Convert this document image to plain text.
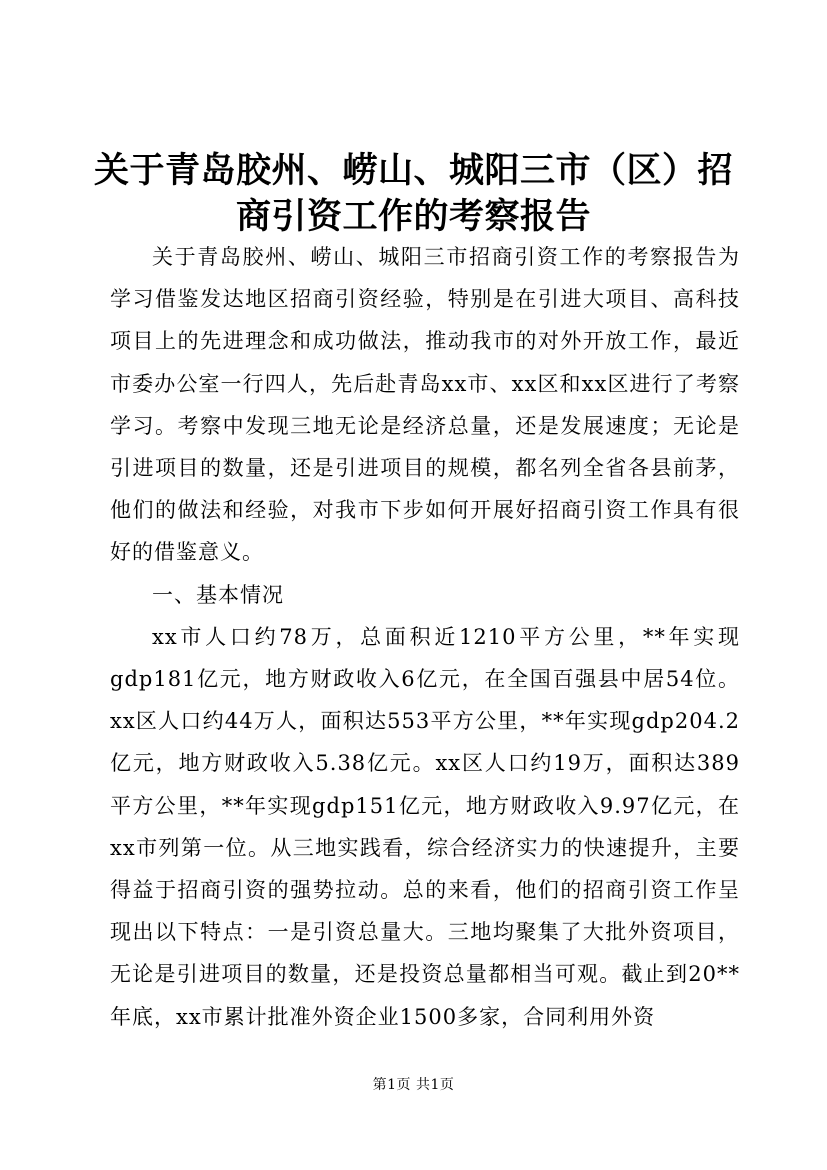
关于青岛胶州、崂山、城阳三市（区）招商引资工作的考察报告

关于青岛胶州、崂山、城阳三市招商引资工作的考察报告为学习借鉴发达地区招商引资经验，特别是在引进大项目、高科技项目上的先进理念和成功做法，推动我市的对外开放工作，最近市委办公室一行四人，先后赴青岛xx市、xx区和xx区进行了考察学习。考察中发现三地无论是经济总量，还是发展速度；无论是引进项目的数量，还是引进项目的规模，都名列全省各县前茅，他们的做法和经验，对我市下步如何开展好招商引资工作具有很好的借鉴意义。

一、基本情况

xx市人口约78万，总面积近1210平方公里，**年实现gdp181亿元，地方财政收入6亿元，在全国百强县中居54位。xx区人口约44万人，面积达553平方公里，**年实现gdp204.2亿元，地方财政收入5.38亿元。xx区人口约19万，面积达389平方公里，**年实现gdp151亿元，地方财政收入9.97亿元，在xx市列第一位。从三地实践看，综合经济实力的快速提升，主要得益于招商引资的强势拉动。总的来看，他们的招商引资工作呈现出以下特点：一是引资总量大。三地均聚集了大批外资项目，无论是引进项目的数量，还是投资总量都相当可观。截止到20**年底，xx市累计批准外资企业1500多家，合同利用外资

第1页 共1页
